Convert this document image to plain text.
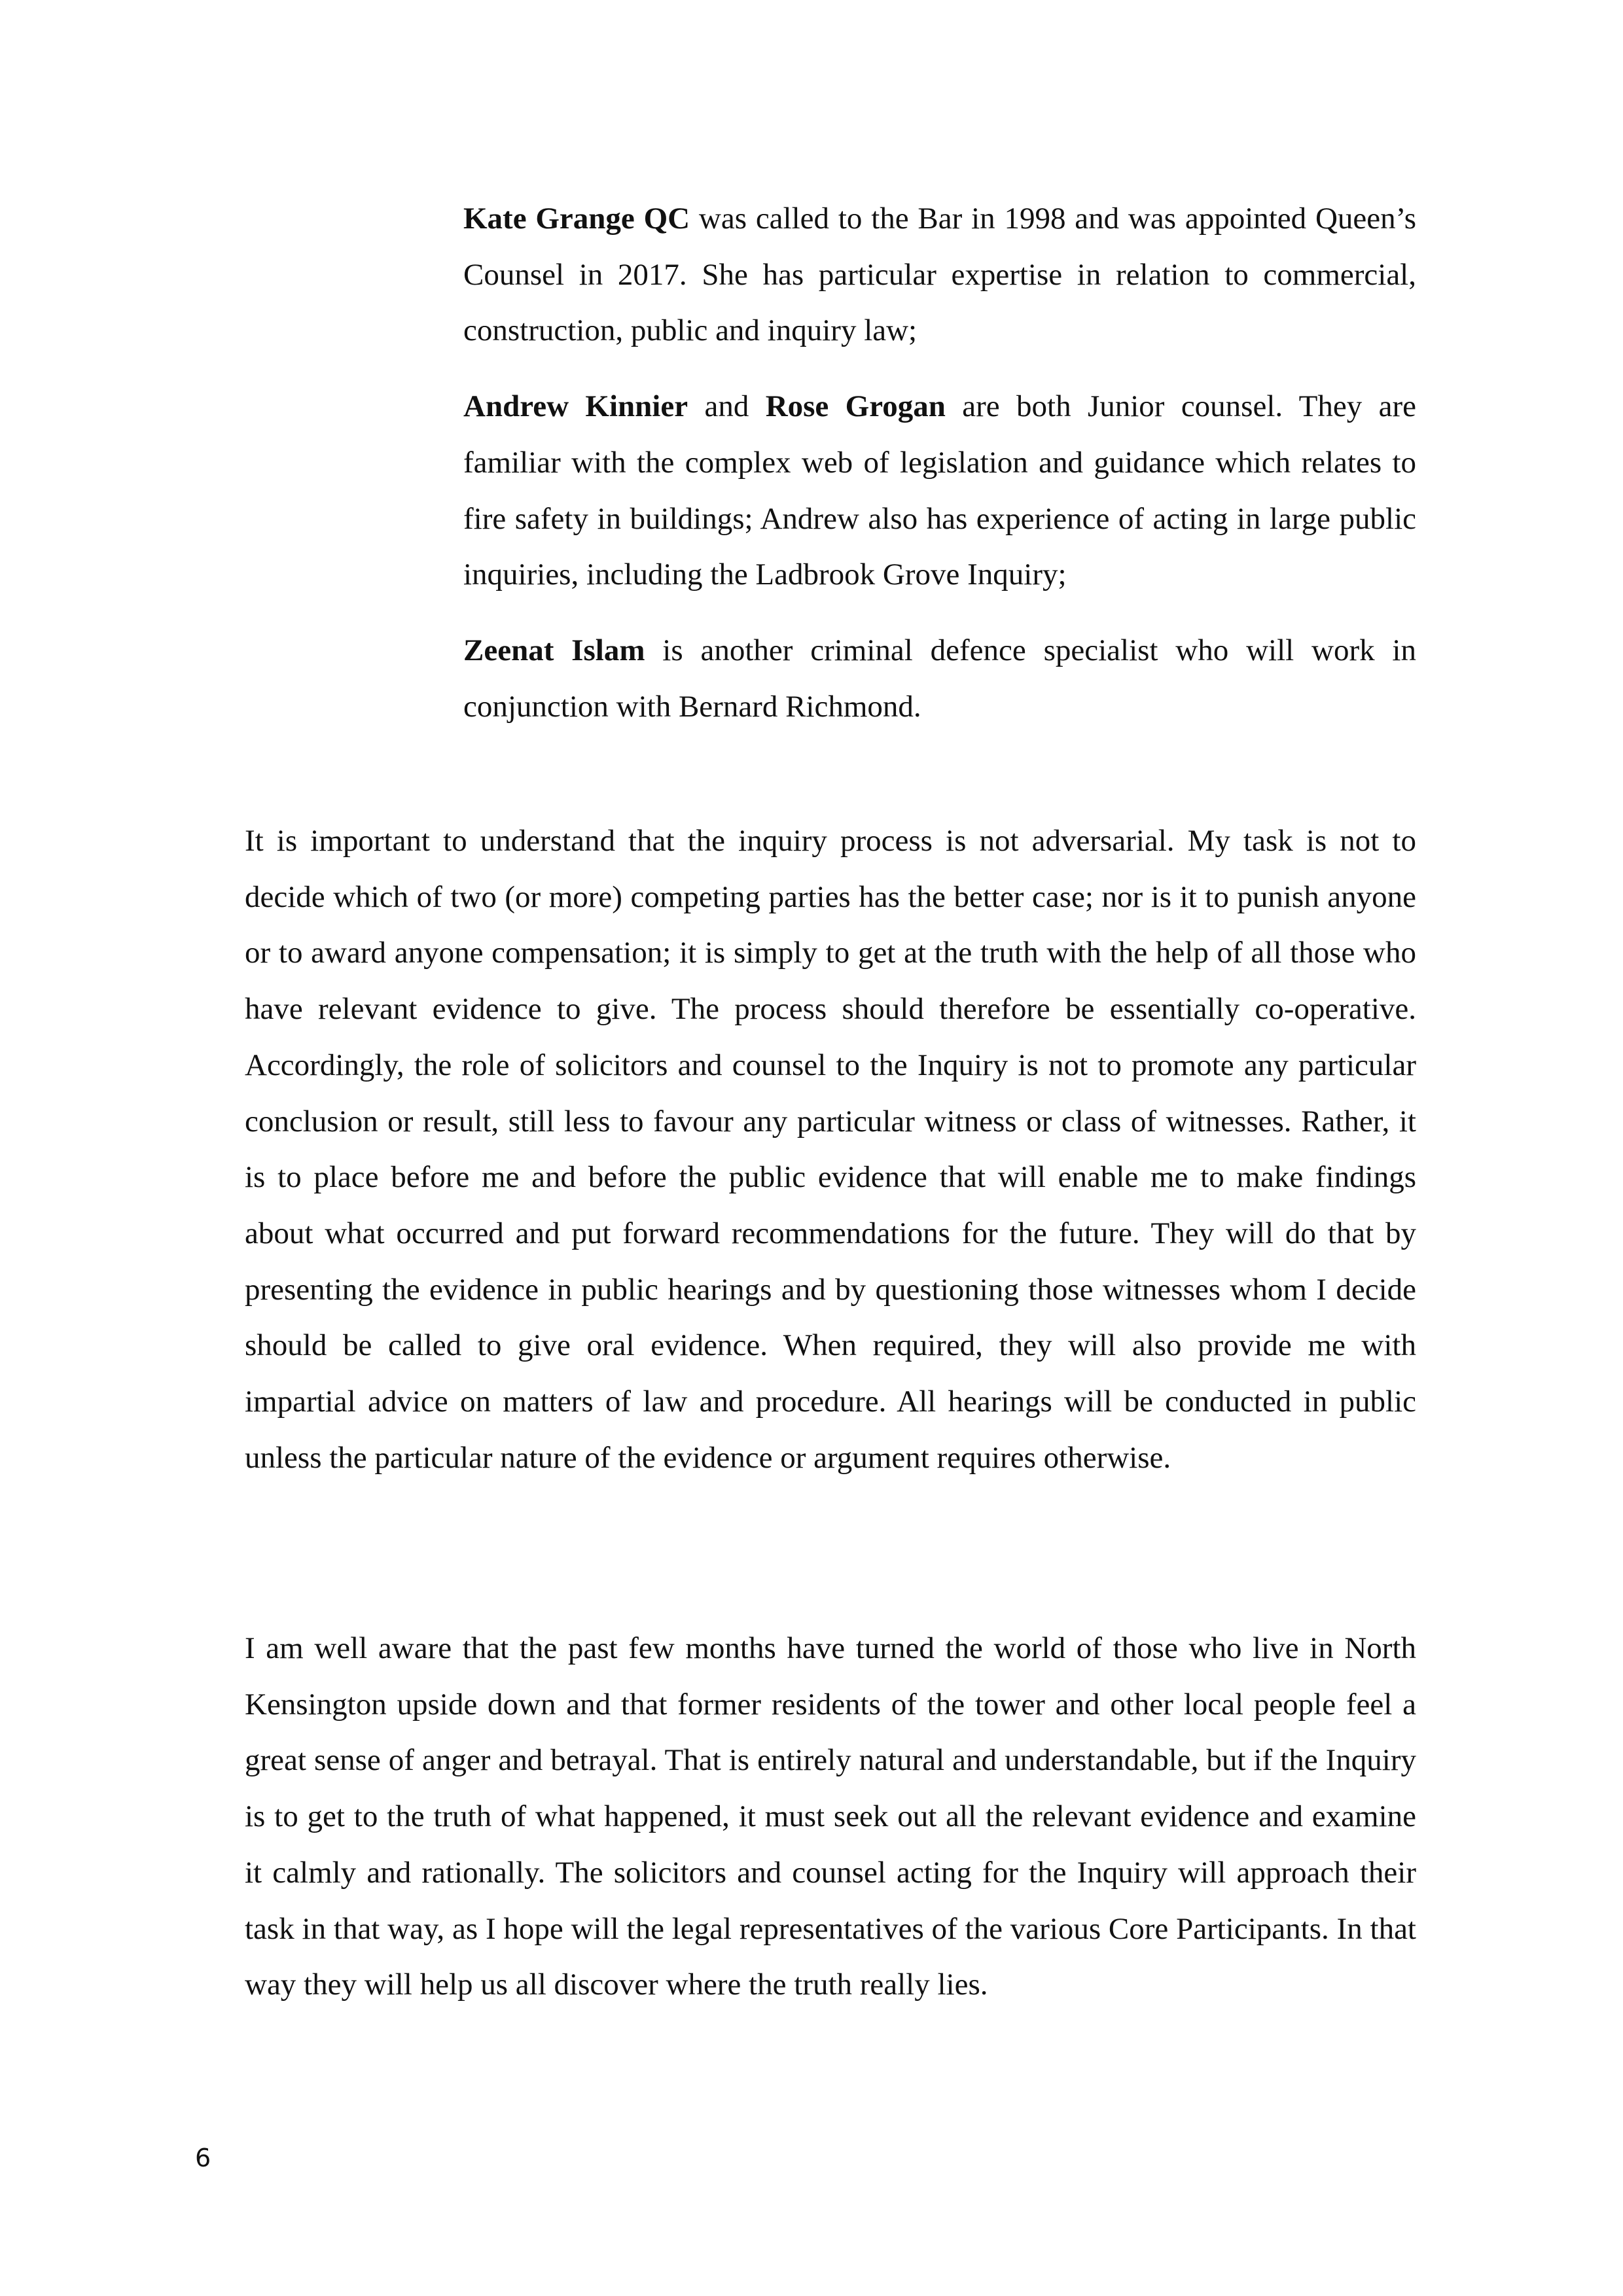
Kate Grange QC was called to the Bar in 1998 and was appointed Queen’s Counsel in 2017. She has particular expertise in relation to commercial, construction, public and inquiry law;

Andrew Kinnier and Rose Grogan are both Junior counsel. They are familiar with the complex web of legislation and guidance which relates to fire safety in buildings; Andrew also has experience of acting in large public inquiries, including the Ladbrook Grove Inquiry;

Zeenat Islam is another criminal defence specialist who will work in conjunction with Bernard Richmond.

It is important to understand that the inquiry process is not adversarial. My task is not to decide which of two (or more) competing parties has the better case; nor is it to punish anyone or to award anyone compensation; it is simply to get at the truth with the help of all those who have relevant evidence to give. The process should therefore be essentially co-operative. Accordingly, the role of solicitors and counsel to the Inquiry is not to promote any particular conclusion or result, still less to favour any particular witness or class of witnesses. Rather, it is to place before me and before the public evidence that will enable me to make findings about what occurred and put forward recommendations for the future. They will do that by presenting the evidence in public hearings and by questioning those witnesses whom I decide should be called to give oral evidence. When required, they will also provide me with impartial advice on matters of law and procedure. All hearings will be conducted in public unless the particular nature of the evidence or argument requires otherwise.

I am well aware that the past few months have turned the world of those who live in North Kensington upside down and that former residents of the tower and other local people feel a great sense of anger and betrayal. That is entirely natural and understandable, but if the Inquiry is to get to the truth of what happened, it must seek out all the relevant evidence and examine it calmly and rationally. The solicitors and counsel acting for the Inquiry will approach their task in that way, as I hope will the legal representatives of the various Core Participants. In that way they will help us all discover where the truth really lies.

6
